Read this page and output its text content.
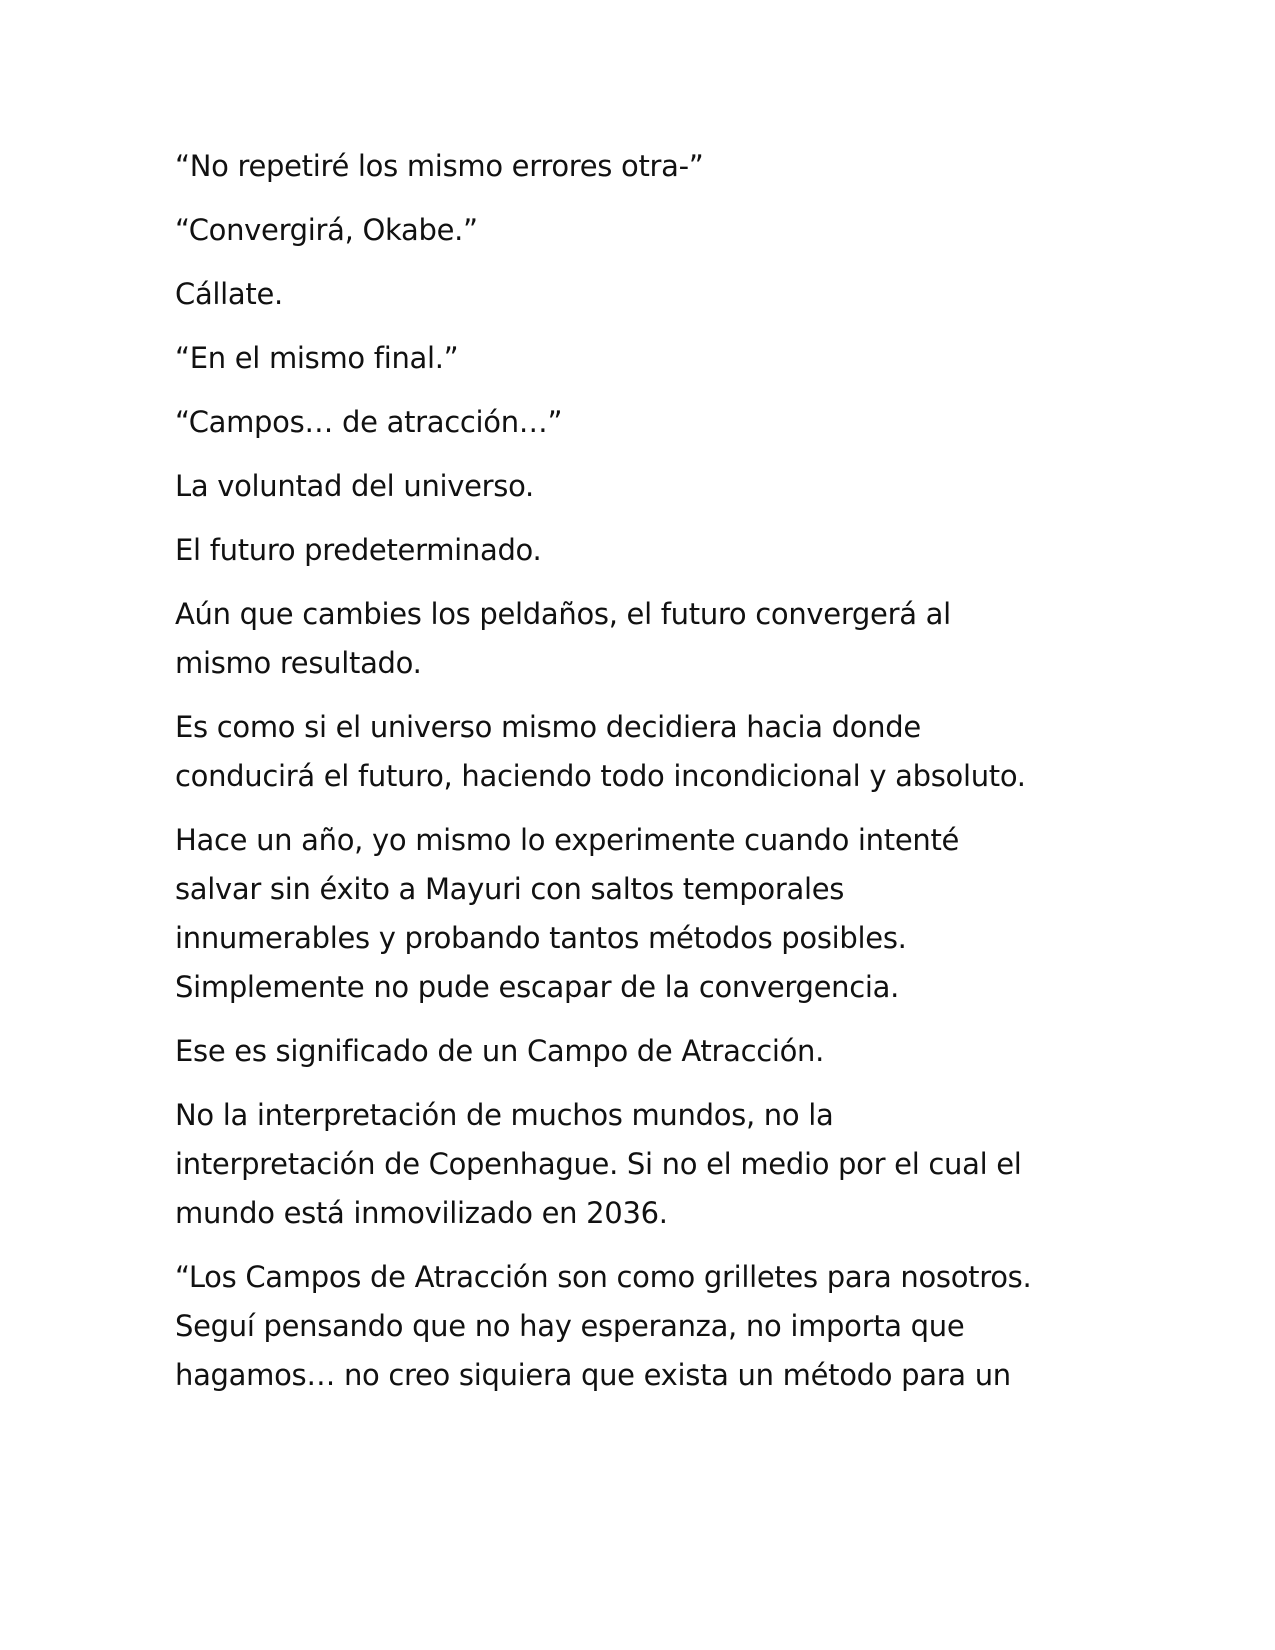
“No repetiré los mismo errores otra-”

“Convergirá, Okabe.”

Cállate.

“En el mismo final.”

“Campos… de atracción…”

La voluntad del universo.

El futuro predeterminado.

Aún que cambies los peldaños, el futuro convergerá al
mismo resultado.

Es como si el universo mismo decidiera hacia donde
conducirá el futuro, haciendo todo incondicional y absoluto.

Hace un año, yo mismo lo experimente cuando intenté
salvar sin éxito a Mayuri con saltos temporales
innumerables y probando tantos métodos posibles.
Simplemente no pude escapar de la convergencia.

Ese es significado de un Campo de Atracción.

No la interpretación de muchos mundos, no la
interpretación de Copenhague. Si no el medio por el cual el
mundo está inmovilizado en 2036.

“Los Campos de Atracción son como grilletes para nosotros.
Seguí pensando que no hay esperanza, no importa que
hagamos… no creo siquiera que exista un método para un
